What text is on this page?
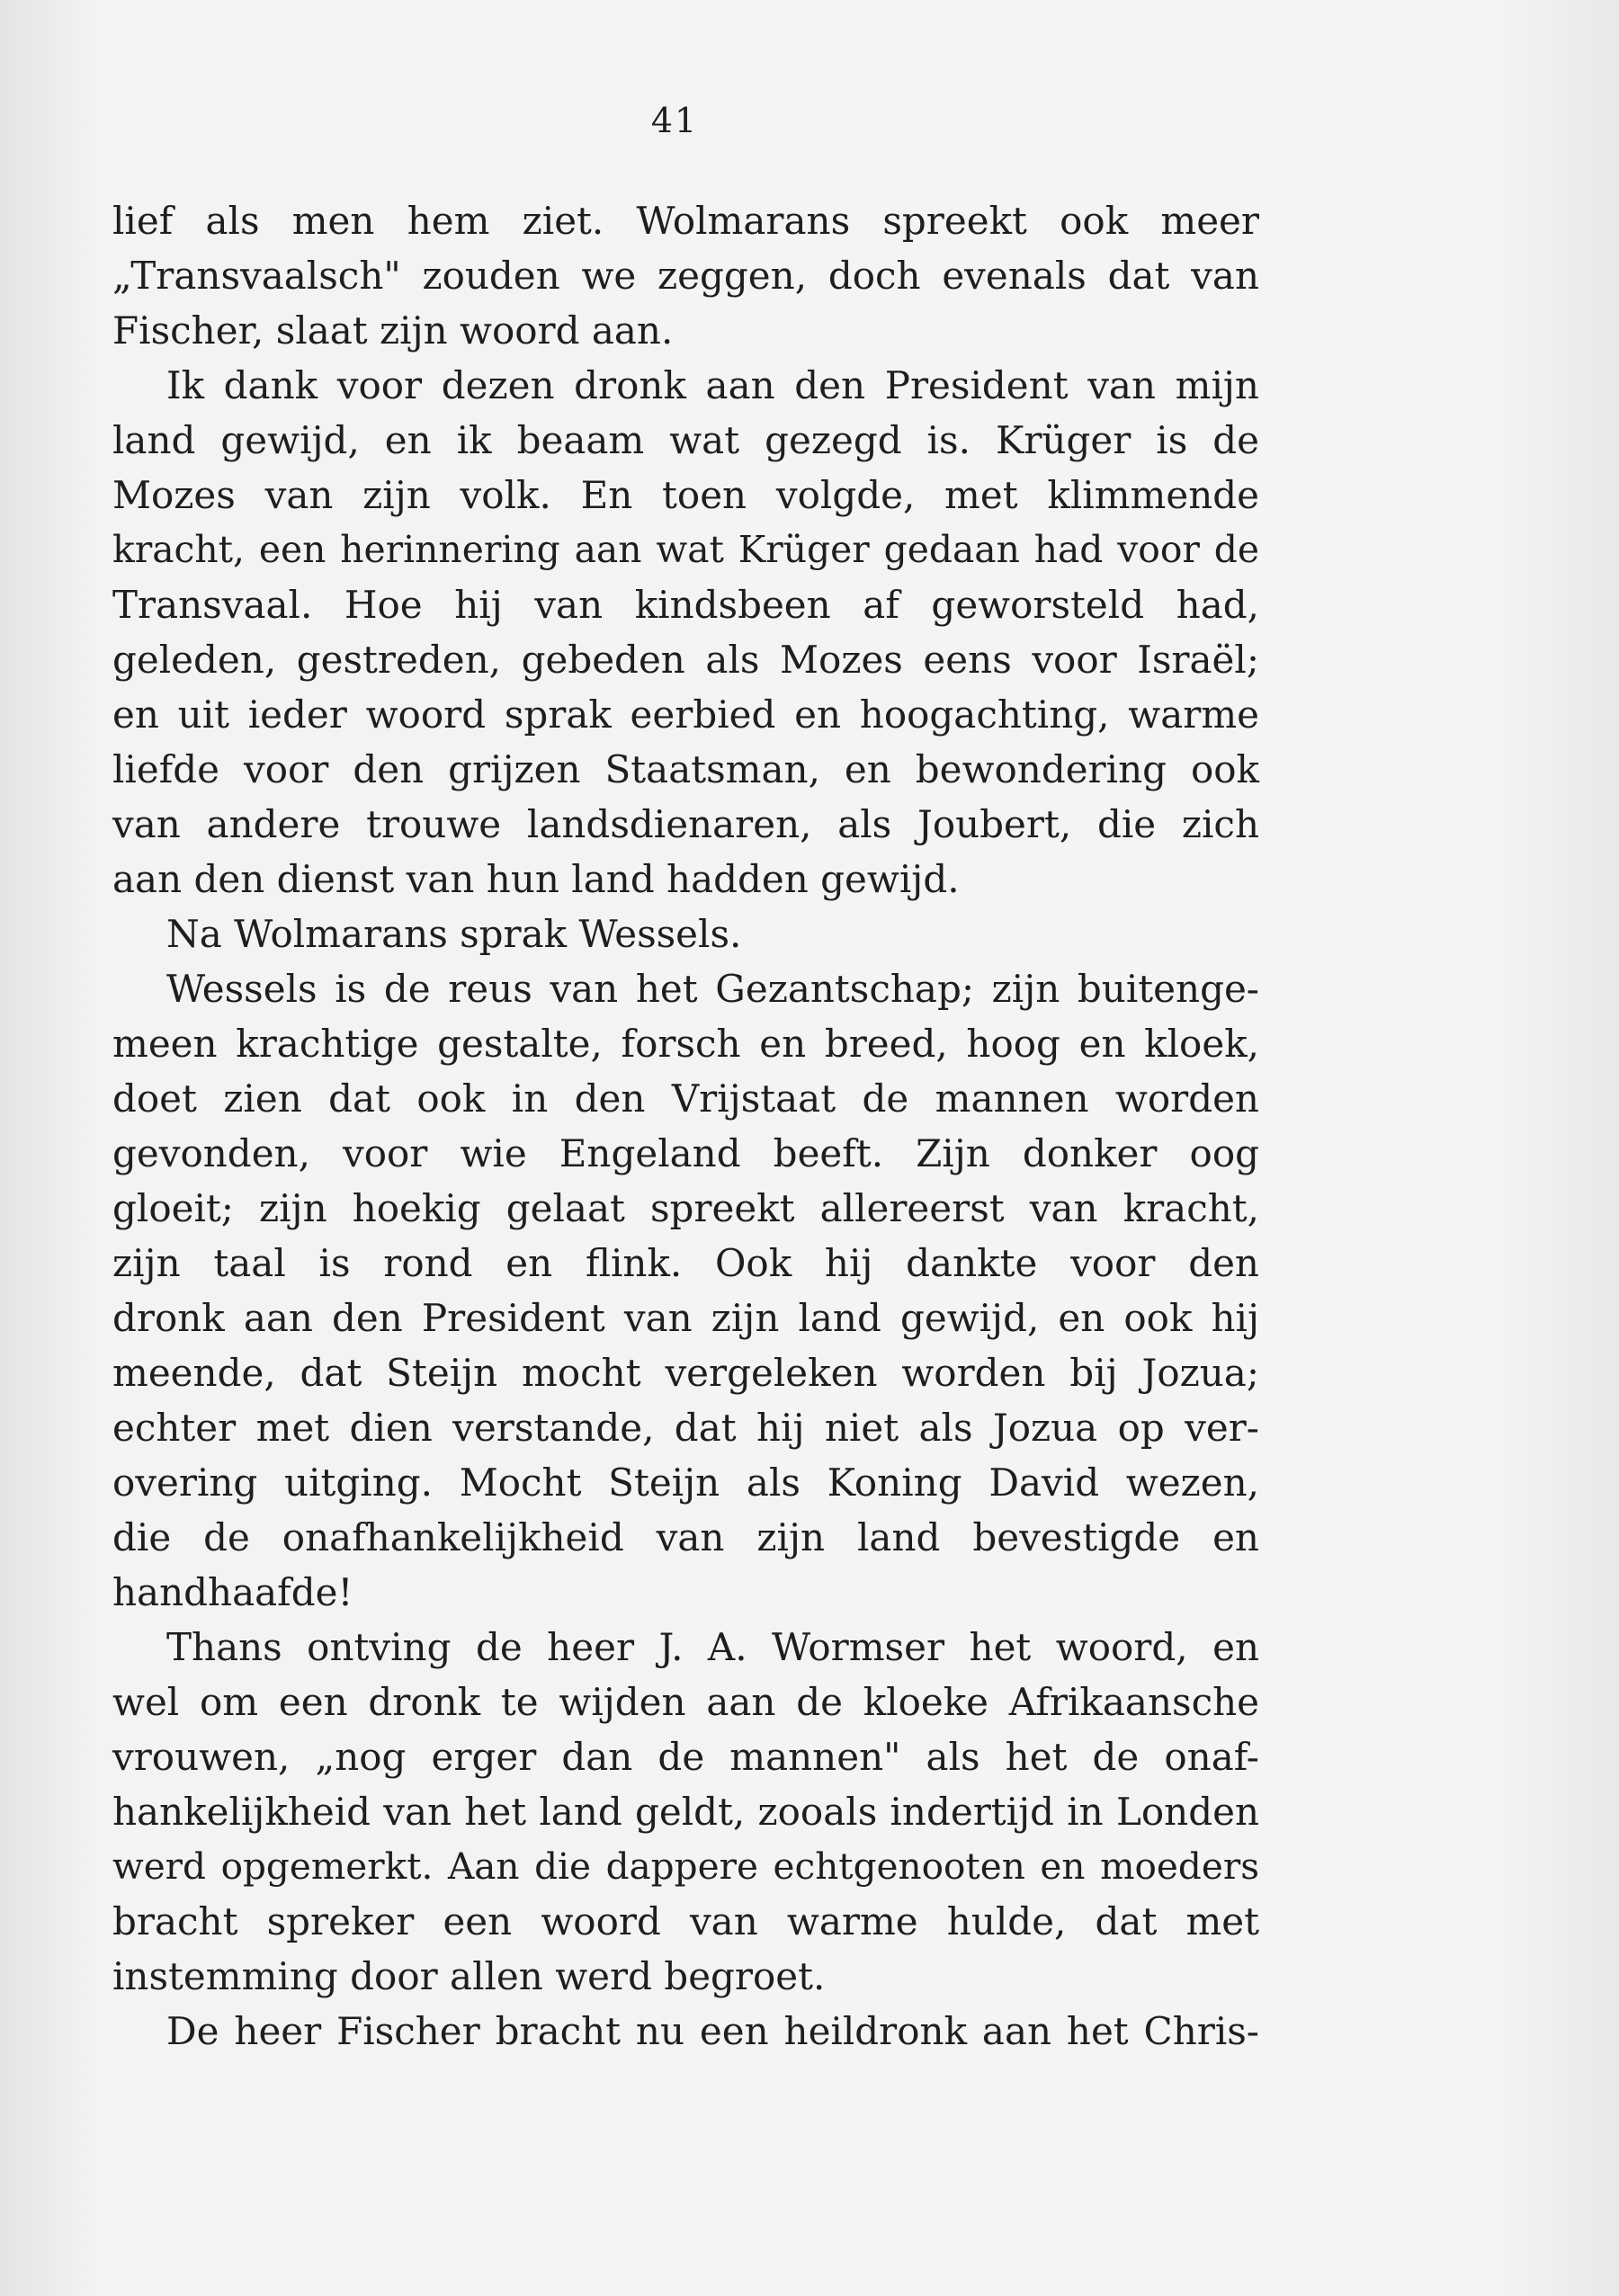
41
lief als men hem ziet. Wolmarans spreekt ook meer
„Transvaalsch" zouden we zeggen, doch evenals dat van
Fischer, slaat zijn woord aan.
Ik dank voor dezen dronk aan den President van mijn
land gewijd, en ik beaam wat gezegd is. Krüger is de
Mozes van zijn volk. En toen volgde, met klimmende
kracht, een herinnering aan wat Krüger gedaan had voor de
Transvaal. Hoe hij van kindsbeen af geworsteld had,
geleden, gestreden, gebeden als Mozes eens voor Israël;
en uit ieder woord sprak eerbied en hoogachting, warme
liefde voor den grijzen Staatsman, en bewondering ook
van andere trouwe landsdienaren, als Joubert, die zich
aan den dienst van hun land hadden gewijd.
Na Wolmarans sprak Wessels.
Wessels is de reus van het Gezantschap; zijn buitenge-
meen krachtige gestalte, forsch en breed, hoog en kloek,
doet zien dat ook in den Vrijstaat de mannen worden
gevonden, voor wie Engeland beeft. Zijn donker oog
gloeit; zijn hoekig gelaat spreekt allereerst van kracht,
zijn taal is rond en flink. Ook hij dankte voor den
dronk aan den President van zijn land gewijd, en ook hij
meende, dat Steijn mocht vergeleken worden bij Jozua;
echter met dien verstande, dat hij niet als Jozua op ver-
overing uitging. Mocht Steijn als Koning David wezen,
die de onafhankelijkheid van zijn land bevestigde en
handhaafde!
Thans ontving de heer J. A. Wormser het woord, en
wel om een dronk te wijden aan de kloeke Afrikaansche
vrouwen, „nog erger dan de mannen" als het de onaf-
hankelijkheid van het land geldt, zooals indertijd in Londen
werd opgemerkt. Aan die dappere echtgenooten en moeders
bracht spreker een woord van warme hulde, dat met
instemming door allen werd begroet.
De heer Fischer bracht nu een heildronk aan het Chris-
